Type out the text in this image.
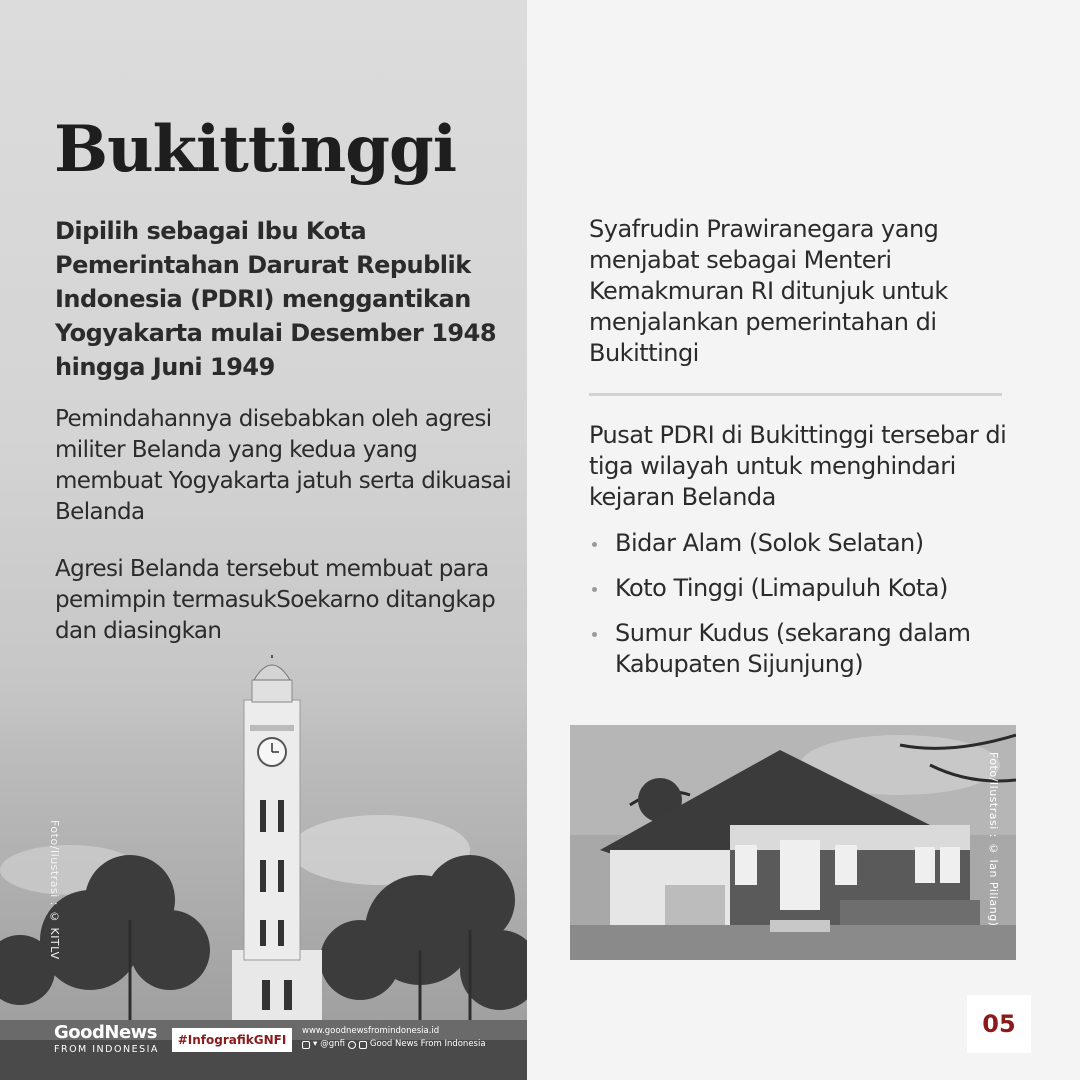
Bukittinggi
Dipilih sebagai Ibu Kota Pemerintahan Darurat Republik Indonesia (PDRI) menggantikan Yogyakarta mulai Desember 1948 hingga Juni 1949
Pemindahannya disebabkan oleh agresi militer Belanda yang kedua yang membuat Yogyakarta jatuh serta dikuasai Belanda
Agresi Belanda tersebut membuat para pemimpin termasukSoekarno ditangkap dan diasingkan
Foto/Ilustrasi : © KITLV
GoodNews
FROM INDONESIA
#InfografikGNFI
www.goodnewsfromindonesia.id
▾ @gnfi	Good News From Indonesia
Syafrudin Prawiranegara yang menjabat sebagai Menteri Kemakmuran RI ditunjuk untuk menjalankan pemerintahan di Bukittingi
Pusat PDRI di Bukittinggi tersebar di tiga wilayah untuk menghindari kejaran Belanda
Bidar Alam (Solok Selatan)
Koto Tinggi (Limapuluh Kota)
Sumur Kudus (sekarang dalam Kabupaten Sijunjung)
Foto/Ilustrasi : © Ian Piliang)
05
